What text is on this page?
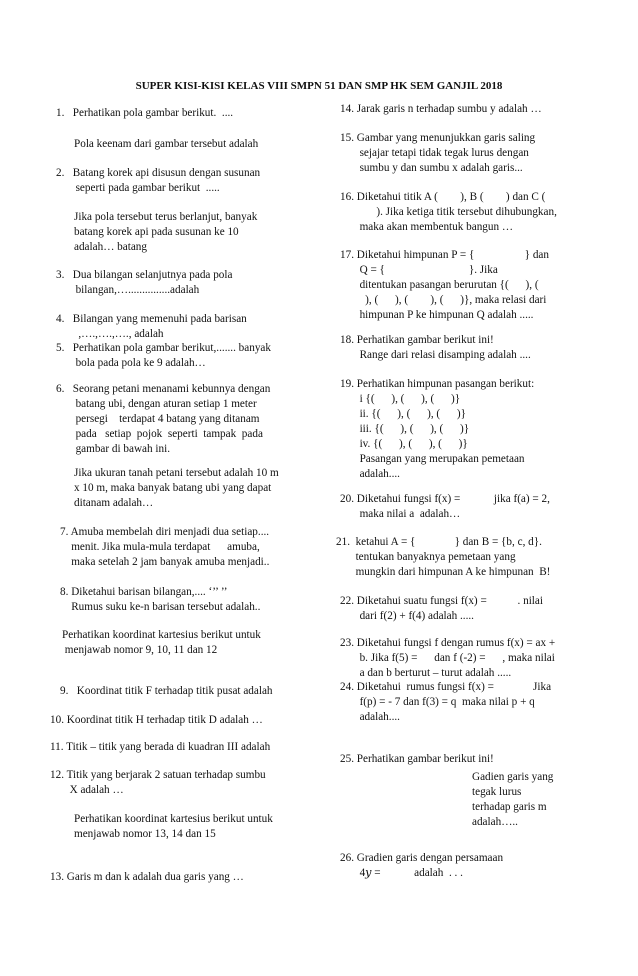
SUPER KISI-KISI KELAS VIII SMPN 51 DAN SMP HK SEM GANJIL 2018
1.   Perhatikan pola gambar berikut.  ....
Pola keenam dari gambar tersebut adalah
2.   Batang korek api disusun dengan susunan
seperti pada gambar berikut  .....
Jika pola tersebut terus berlanjut, banyak
batang korek api pada susunan ke 10
adalah… batang
3.   Dua bilangan selanjutnya pada pola
bilangan,…...............adalah
4.   Bilangan yang memenuhi pada barisan
,….,….,…., adalah
5.   Perhatikan pola gambar berikut,....... banyak
bola pada pola ke 9 adalah…
6.   Seorang petani menanami kebunnya dengan
batang ubi, dengan aturan setiap 1 meter
persegi    terdapat 4 batang yang ditanam
pada   setiap  pojok  seperti  tampak  pada
gambar di bawah ini.
Jika ukuran tanah petani tersebut adalah 10 m
x 10 m, maka banyak batang ubi yang dapat
ditanam adalah…
7. Amuba membelah diri menjadi dua setiap....
menit. Jika mula-mula terdapat      amuba,
maka setelah 2 jam banyak amuba menjadi..
8. Diketahui barisan bilangan,.... ‘’’ ’’
Rumus suku ke-n barisan tersebut adalah..
Perhatikan koordinat kartesius berikut untuk
menjawab nomor 9, 10, 11 dan 12
9.   Koordinat titik F terhadap titik pusat adalah
10. Koordinat titik H terhadap titik D adalah …
11. Titik – titik yang berada di kuadran III adalah
12. Titik yang berjarak 2 satuan terhadap sumbu
X adalah …
Perhatikan koordinat kartesius berikut untuk
menjawab nomor 13, 14 dan 15
13. Garis m dan k adalah dua garis yang …
14. Jarak garis n terhadap sumbu y adalah …
15. Gambar yang menunjukkan garis saling
sejajar tetapi tidak tegak lurus dengan
sumbu y dan sumbu x adalah garis...
16. Diketahui titik A (        ), B (        ) dan C (
). Jika ketiga titik tersebut dihubungkan,
maka akan membentuk bangun …
17. Diketahui himpunan P = {                  } dan
Q = {                              }. Jika
ditentukan pasangan berurutan {(      ), (
), (      ), (        ), (      )}, maka relasi dari
himpunan P ke himpunan Q adalah .....
18. Perhatikan gambar berikut ini!
Range dari relasi disamping adalah ....
19. Perhatikan himpunan pasangan berikut:
i {(      ), (      ), (      )}
ii. {(      ), (      ), (      )}
iii. {(      ), (      ), (      )}
iv. {(      ), (      ), (      )}
Pasangan yang merupakan pemetaan
adalah....
20. Diketahui fungsi f(x) =            jika f(a) = 2,
maka nilai a  adalah…
21.  ketahui A = {              } dan B = {b, c, d}.
tentukan banyaknya pemetaan yang
mungkin dari himpunan A ke himpunan  B!
22. Diketahui suatu fungsi f(x) =           . nilai
dari f(2) + f(4) adalah .....
23. Diketahui fungsi f dengan rumus f(x) = ax +
b. Jika f(5) =      dan f (-2) =      , maka nilai
a dan b berturut – turut adalah .....
24. Diketahui  rumus fungsi f(x) =              Jika
f(p) = - 7 dan f(3) = q  maka nilai p + q
adalah....
25. Perhatikan gambar berikut ini!
Gadien garis yang
tegak lurus
terhadap garis m
adalah…..
26. Gradien garis dengan persamaan
4𝑦 =            adalah  . . .
